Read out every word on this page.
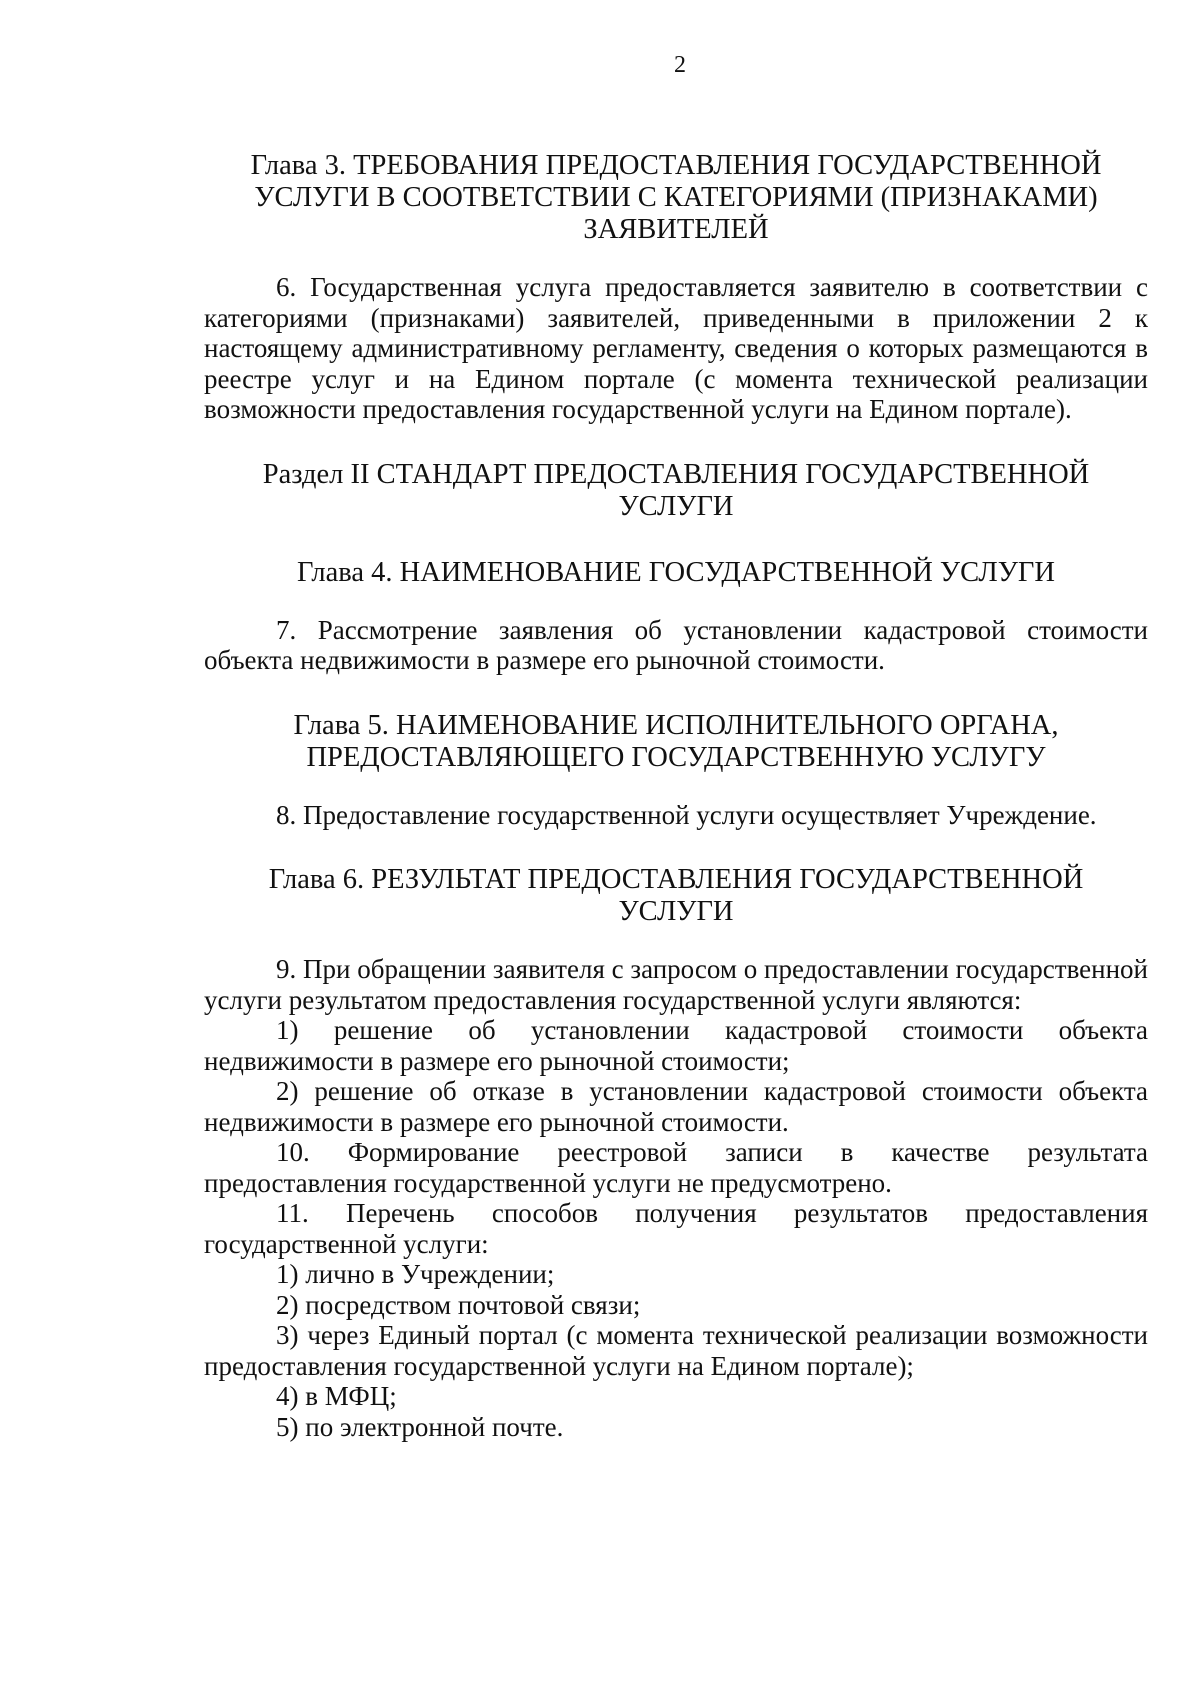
2
Глава 3. ТРЕБОВАНИЯ ПРЕДОСТАВЛЕНИЯ ГОСУДАРСТВЕННОЙ
УСЛУГИ В СООТВЕТСТВИИ С КАТЕГОРИЯМИ (ПРИЗНАКАМИ)
ЗАЯВИТЕЛЕЙ

6. Государственная услуга предоставляется заявителю в соответствии с категориями (признаками) заявителей, приведенными в приложении 2 к настоящему административному регламенту, сведения о которых размещаются в реестре услуг и на Едином портале (с момента технической реализации возможности предоставления государственной услуги на Едином портале).

Раздел II СТАНДАРТ ПРЕДОСТАВЛЕНИЯ ГОСУДАРСТВЕННОЙ
УСЛУГИ
Глава 4. НАИМЕНОВАНИЕ ГОСУДАРСТВЕННОЙ УСЛУГИ

7. Рассмотрение заявления об установлении кадастровой стоимости объекта недвижимости в размере его рыночной стоимости.

Глава 5. НАИМЕНОВАНИЕ ИСПОЛНИТЕЛЬНОГО ОРГАНА,
ПРЕДОСТАВЛЯЮЩЕГО ГОСУДАРСТВЕННУЮ УСЛУГУ

8. Предоставление государственной услуги осуществляет Учреждение.

Глава 6. РЕЗУЛЬТАТ ПРЕДОСТАВЛЕНИЯ ГОСУДАРСТВЕННОЙ
УСЛУГИ

9. При обращении заявителя с запросом о предоставлении государственной услуги результатом предоставления государственной услуги являются:

1) решение об установлении кадастровой стоимости объекта недвижимости в размере его рыночной стоимости;

2) решение об отказе в установлении кадастровой стоимости объекта недвижимости в размере его рыночной стоимости.

10. Формирование реестровой записи в качестве результата предоставления государственной услуги не предусмотрено.

11. Перечень способов получения результатов предоставления государственной услуги:

1) лично в Учреждении;

2) посредством почтовой связи;

3) через Единый портал (с момента технической реализации возможности предоставления государственной услуги на Едином портале);

4) в МФЦ;

5) по электронной почте.
